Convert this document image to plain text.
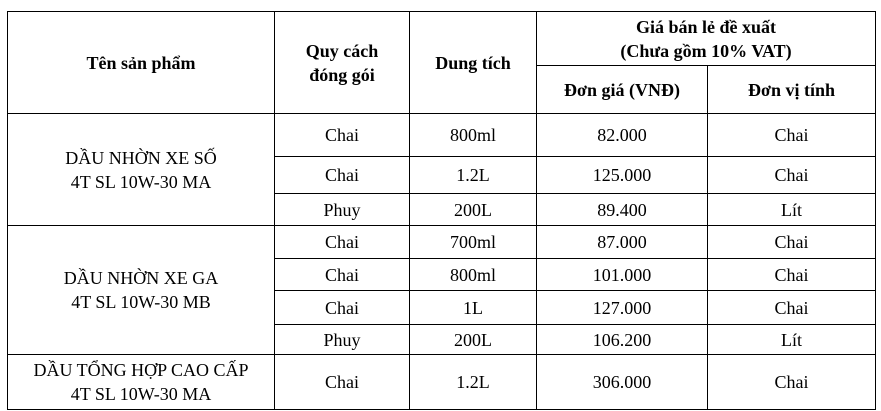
Tên sản phẩm	Quy cách đóng gói	Dung tích	Giá bán lẻ đề xuất
(Chưa gồm 10% VAT)	

			Đơn giá (VNĐ)	Đơn vị tính

DẦU NHỜN XE SỐ
4T SL 10W-30 MA	Chai	800ml	82.000	Chai
	Chai	1.2L	125.000	Chai
	Phuy	200L	89.400	Lít

DẦU NHỜN XE GA
4T SL 10W-30 MB	Chai	700ml	87.000	Chai
	Chai	800ml	101.000	Chai
	Chai	1L	127.000	Chai
	Phuy	200L	106.200	Lít

DẦU TỔNG HỢP CAO CẤP
4T SL 10W-30 MA	Chai	1.2L	306.000	Chai
